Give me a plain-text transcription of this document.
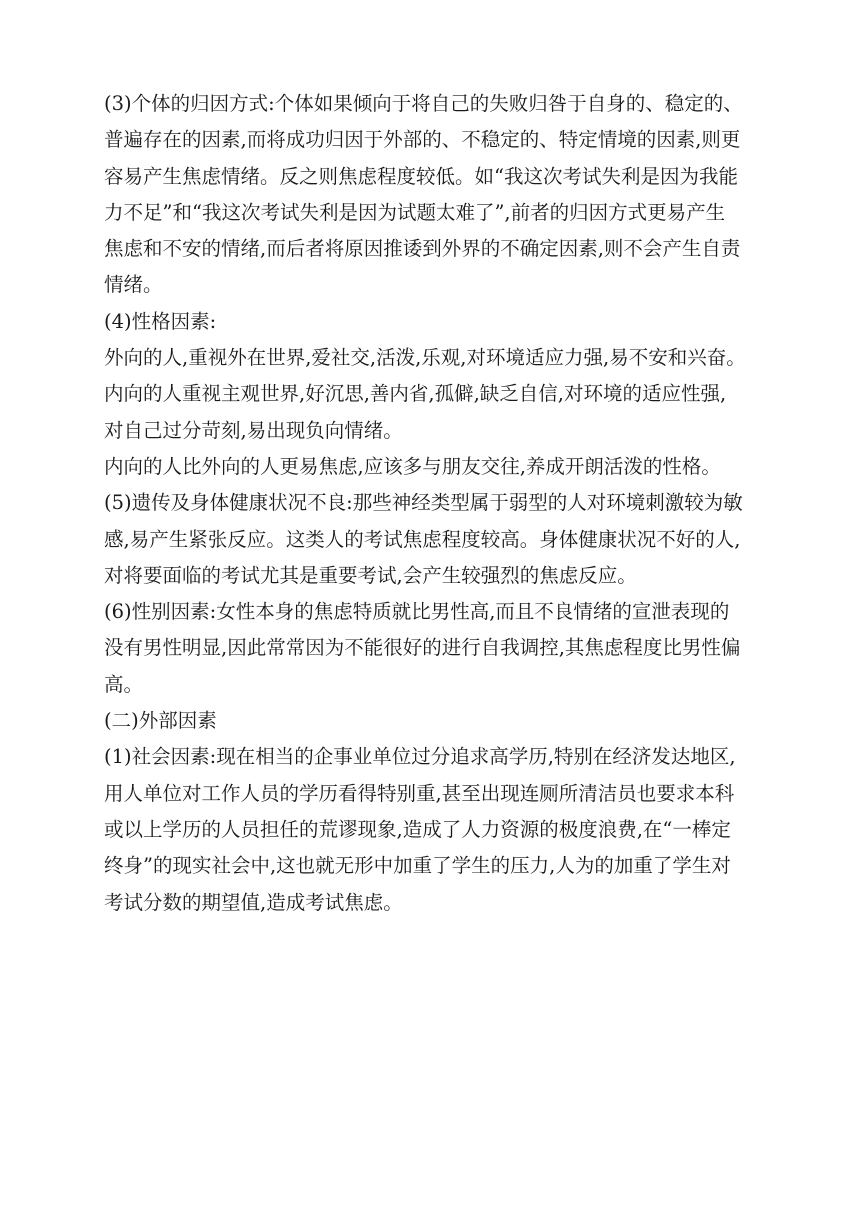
(3)个体的归因方式:个体如果倾向于将自己的失败归咎于自身的、稳定的、
普遍存在的因素,而将成功归因于外部的、不稳定的、特定情境的因素,则更
容易产生焦虑情绪。反之则焦虑程度较低。如“我这次考试失利是因为我能
力不足”和“我这次考试失利是因为试题太难了”,前者的归因方式更易产生
焦虑和不安的情绪,而后者将原因推诿到外界的不确定因素,则不会产生自责
情绪。
(4)性格因素:
外向的人,重视外在世界,爱社交,活泼,乐观,对环境适应力强,易不安和兴奋。
内向的人重视主观世界,好沉思,善内省,孤僻,缺乏自信,对环境的适应性强,
对自己过分苛刻,易出现负向情绪。
内向的人比外向的人更易焦虑,应该多与朋友交往,养成开朗活泼的性格。
(5)遗传及身体健康状况不良:那些神经类型属于弱型的人对环境刺激较为敏
感,易产生紧张反应。这类人的考试焦虑程度较高。身体健康状况不好的人,
对将要面临的考试尤其是重要考试,会产生较强烈的焦虑反应。
(6)性别因素:女性本身的焦虑特质就比男性高,而且不良情绪的宣泄表现的
没有男性明显,因此常常因为不能很好的进行自我调控,其焦虑程度比男性偏
高。
(二)外部因素
(1)社会因素:现在相当的企事业单位过分追求高学历,特别在经济发达地区,
用人单位对工作人员的学历看得特别重,甚至出现连厕所清洁员也要求本科
或以上学历的人员担任的荒谬现象,造成了人力资源的极度浪费,在“一棒定
终身”的现实社会中,这也就无形中加重了学生的压力,人为的加重了学生对
考试分数的期望值,造成考试焦虑。
